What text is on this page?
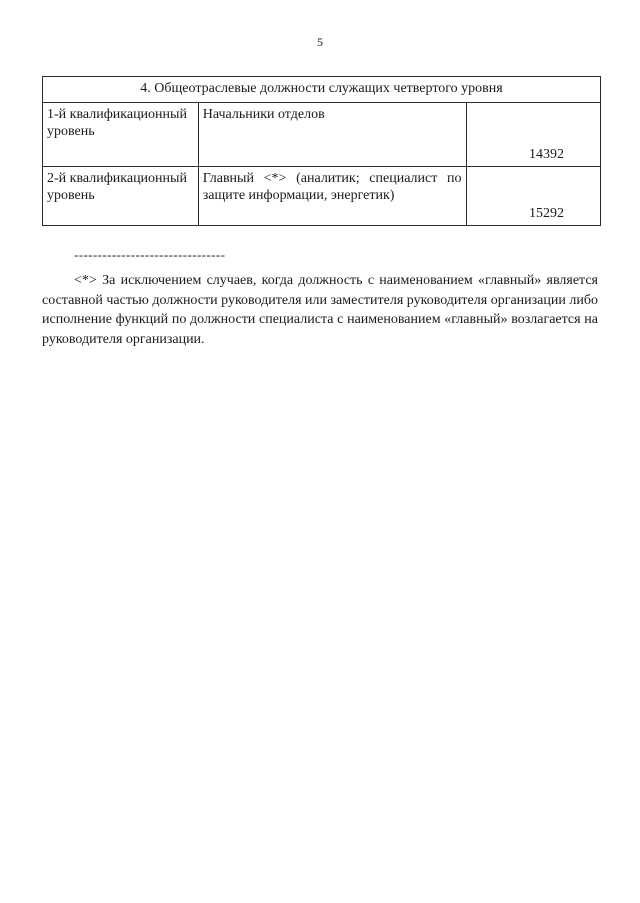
5
4. Общеотраслевые должности служащих четвертого уровня		
1-й квалификационный уровень	Начальники отделов	14392
2-й квалификационный уровень	Главный <*> (аналитик; специалист по защите информации, энергетик)	15292
--------------------------------
<*> За исключением случаев, когда должность с наименованием «главный» является составной частью должности руководителя или заместителя руководителя организации либо исполнение функций по должности специалиста с наименованием «главный» возлагается на руководителя организации.
